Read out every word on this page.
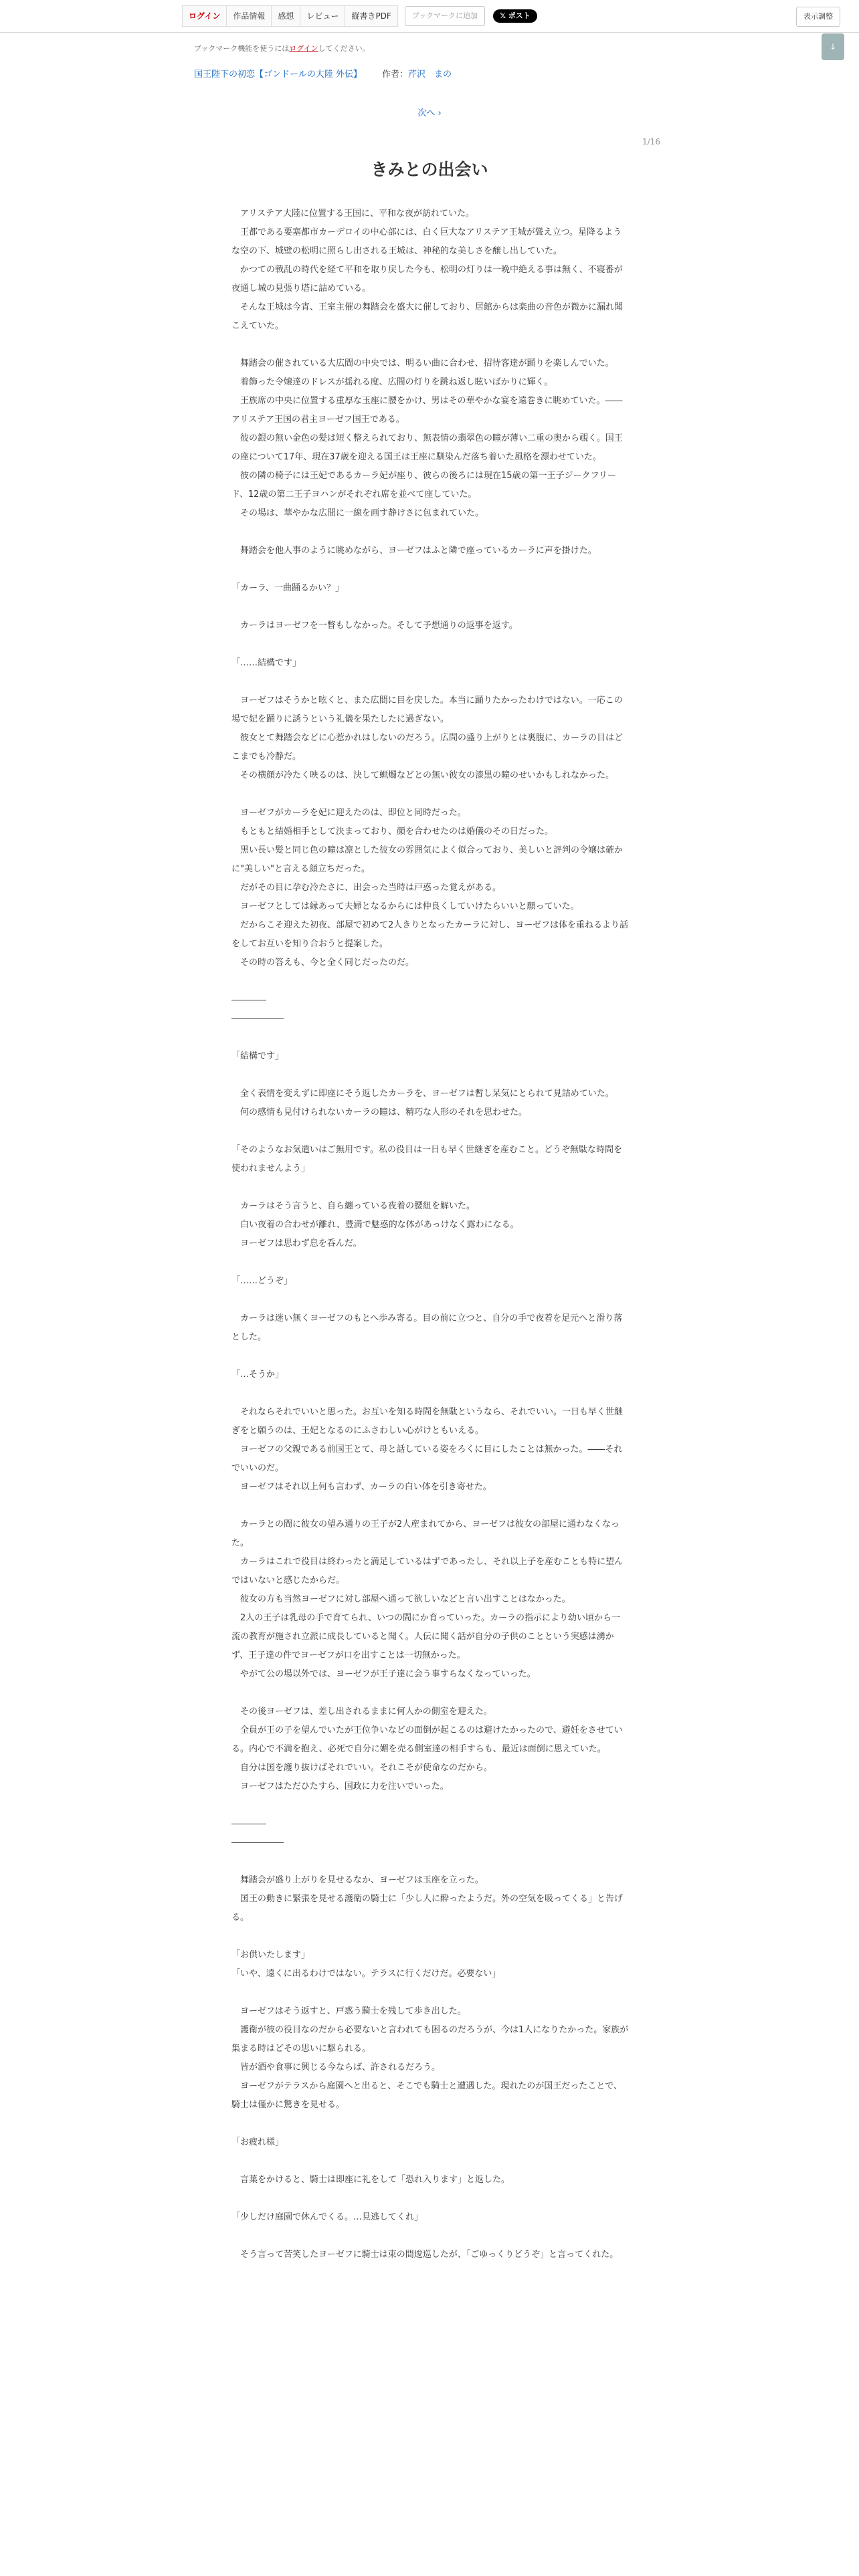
ログイン	作品情報	感想	レビュー	縦書きPDF	ブックマークに追加	𝕏 ポスト	表示調整
↓
ブックマーク機能を使うにはログインしてください。
国王陛下の初恋【ゴンドールの大陸 外伝】 作者：芹沢　まの
次へ ›
1/16
きみとの出会い

　アリステア大陸に位置する王国に、平和な夜が訪れていた。

　王都である要塞都市カーデロイの中心部には、白く巨大なアリステア王城が聳え立つ。星降るような空の下、城壁の松明に照らし出される王城は、神秘的な美しさを醸し出していた。

　かつての戦乱の時代を経て平和を取り戻した今も、松明の灯りは一晩中絶える事は無く、不寝番が夜通し城の見張り塔に詰めている。

　そんな王城は今宵、王室主催の舞踏会を盛大に催しており、居館からは楽曲の音色が微かに漏れ聞こえていた。

　舞踏会の催されている大広間の中央では、明るい曲に合わせ、招待客達が踊りを楽しんでいた。

　着飾った令嬢達のドレスが揺れる度、広間の灯りを跳ね返し眩いばかりに輝く。

　王族席の中央に位置する重厚な玉座に腰をかけ、男はその華やかな宴を遠巻きに眺めていた。――アリステア王国の君主ヨーゼフ国王である。

　彼の銀の無い金色の髪は短く整えられており、無表情の翡翠色の瞳が薄い二重の奥から覗く。国王の座について17年、現在37歳を迎える国王は王座に馴染んだ落ち着いた風格を漂わせていた。

　彼の隣の椅子には王妃であるカーラ妃が座り、彼らの後ろには現在15歳の第一王子ジークフリード、12歳の第二王子ヨハンがそれぞれ席を並べて座していた。

　その場は、華やかな広間に一線を画す静けさに包まれていた。

　舞踏会を他人事のように眺めながら、ヨーゼフはふと隣で座っているカーラに声を掛けた。

「カーラ、一曲踊るかい？」

　カーラはヨーゼフを一瞥もしなかった。そして予想通りの返事を返す。

「……結構です」

　ヨーゼフはそうかと呟くと、また広間に目を戻した。本当に踊りたかったわけではない。一応この場で妃を踊りに誘うという礼儀を果たしたに過ぎない。

　彼女とて舞踏会などに心惹かれはしないのだろう。広間の盛り上がりとは裏腹に、カーラの目はどこまでも冷静だ。

　その横顔が冷たく映るのは、決して蝋燭などとの無い彼女の漆黒の瞳のせいかもしれなかった。

　ヨーゼフがカーラを妃に迎えたのは、即位と同時だった。

　もともと結婚相手として決まっており、顔を合わせたのは婚儀のその日だった。

　黒い長い髪と同じ色の瞳は凛とした彼女の雰囲気によく似合っており、美しいと評判の令嬢は確かに"美しい"と言える顔立ちだった。

　だがその目に孕む冷たさに、出会った当時は戸惑った覚えがある。

　ヨーゼフとしては縁あって夫婦となるからには仲良くしていけたらいいと願っていた。

　だからこそ迎えた初夜、部屋で初めて2人きりとなったカーラに対し、ヨーゼフは体を重ねるより話をしてお互いを知り合おうと提案した。

　その時の答えも、今と全く同じだったのだ。

――――

――――――

「結構です」

　全く表情を変えずに即座にそう返したカーラを、ヨーゼフは暫し呆気にとられて見詰めていた。

　何の感情も見付けられないカーラの瞳は、精巧な人形のそれを思わせた。

「そのようなお気遣いはご無用です。私の役目は一日も早く世継ぎを産むこと。どうぞ無駄な時間を使われませんよう」

　カーラはそう言うと、自ら纏っている夜着の腰紐を解いた。

　白い夜着の合わせが離れ、豊満で魅惑的な体があっけなく露わになる。

　ヨーゼフは思わず息を呑んだ。

「……どうぞ」

　カーラは迷い無くヨーゼフのもとへ歩み寄る。目の前に立つと、自分の手で夜着を足元へと滑り落とした。

「…そうか」

　それならそれでいいと思った。お互いを知る時間を無駄というなら、それでいい。一日も早く世継ぎをと願うのは、王妃となるのにふさわしい心がけともいえる。

　ヨーゼフの父親である前国王とて、母と話している姿をろくに目にしたことは無かった。――それでいいのだ。

　ヨーゼフはそれ以上何も言わず、カーラの白い体を引き寄せた。

　カーラとの間に彼女の望み通りの王子が2人産まれてから、ヨーゼフは彼女の部屋に通わなくなった。

　カーラはこれで役目は終わったと満足しているはずであったし、それ以上子を産むことも特に望んではいないと感じたからだ。

　彼女の方も当然ヨーゼフに対し部屋へ通って欲しいなどと言い出すことはなかった。

　2人の王子は乳母の手で育てられ、いつの間にか育っていった。カーラの指示により幼い頃から一流の教育が施され立派に成長していると聞く。人伝に聞く話が自分の子供のことという実感は湧かず、王子達の件でヨーゼフが口を出すことは一切無かった。

　やがて公の場以外では、ヨーゼフが王子達に会う事すらなくなっていった。

　その後ヨーゼフは、差し出されるままに何人かの側室を迎えた。

　全員が王の子を望んでいたが王位争いなどの面倒が起こるのは避けたかったので、避妊をさせている。内心で不満を抱え、必死で自分に媚を売る側室達の相手すらも、最近は面倒に思えていた。

　自分は国を護り抜けばそれでいい。それこそが使命なのだから。

　ヨーゼフはただひたすら、国政に力を注いでいった。

――――

――――――

　舞踏会が盛り上がりを見せるなか、ヨーゼフは玉座を立った。

　国王の動きに緊張を見せる護衛の騎士に「少し人に酔ったようだ。外の空気を吸ってくる」と告げる。

「お供いたします」

「いや、遠くに出るわけではない。テラスに行くだけだ。必要ない」

　ヨーゼフはそう返すと、戸惑う騎士を残して歩き出した。

　護衛が彼の役目なのだから必要ないと言われても困るのだろうが、今は1人になりたかった。家族が集まる時はどその思いに駆られる。

　皆が酒や食事に興じる今ならば、許されるだろう。

　ヨーゼフがテラスから庭園へと出ると、そこでも騎士と遭遇した。現れたのが国王だったことで、騎士は僅かに驚きを見せる。

「お疲れ様」

　言葉をかけると、騎士は即座に礼をして「恐れ入ります」と返した。

「少しだけ庭園で休んでくる。…見逃してくれ」

　そう言って苦笑したヨーゼフに騎士は束の間逡巡したが、「ごゆっくりどうぞ」と言ってくれた。
